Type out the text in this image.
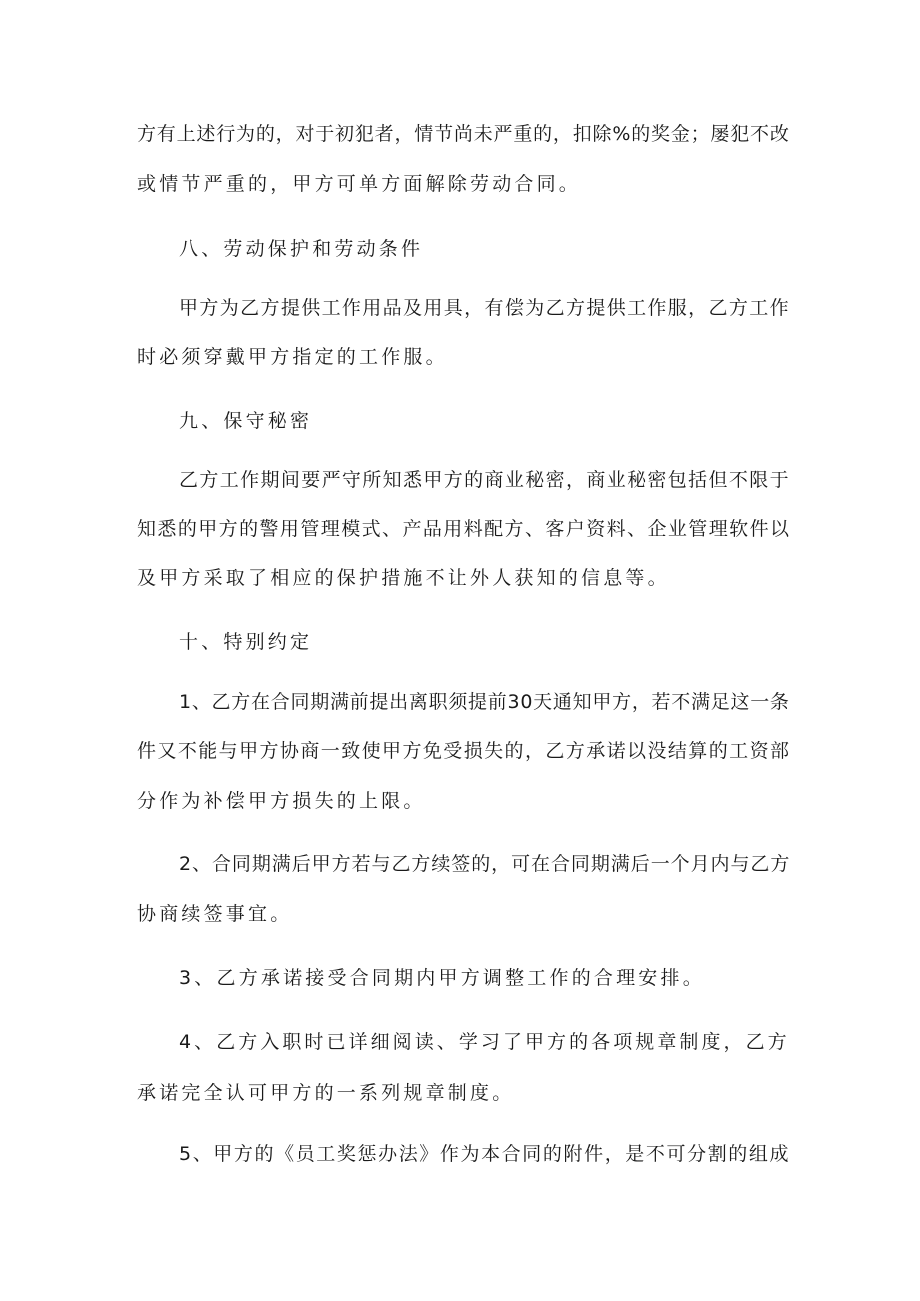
方有上述行为的，对于初犯者，情节尚未严重的，扣除%的奖金；屡犯不改
或情节严重的，甲方可单方面解除劳动合同。
八、劳动保护和劳动条件
甲方为乙方提供工作用品及用具，有偿为乙方提供工作服，乙方工作
时必须穿戴甲方指定的工作服。
九、保守秘密
乙方工作期间要严守所知悉甲方的商业秘密，商业秘密包括但不限于
知悉的甲方的警用管理模式、产品用料配方、客户资料、企业管理软件以
及甲方采取了相应的保护措施不让外人获知的信息等。
十、特别约定
1、乙方在合同期满前提出离职须提前30天通知甲方，若不满足这一条
件又不能与甲方协商一致使甲方免受损失的，乙方承诺以没结算的工资部
分作为补偿甲方损失的上限。
2、合同期满后甲方若与乙方续签的，可在合同期满后一个月内与乙方
协商续签事宜。
3、乙方承诺接受合同期内甲方调整工作的合理安排。
4、乙方入职时已详细阅读、学习了甲方的各项规章制度，乙方
承诺完全认可甲方的一系列规章制度。
5、甲方的《员工奖惩办法》作为本合同的附件，是不可分割的组成
